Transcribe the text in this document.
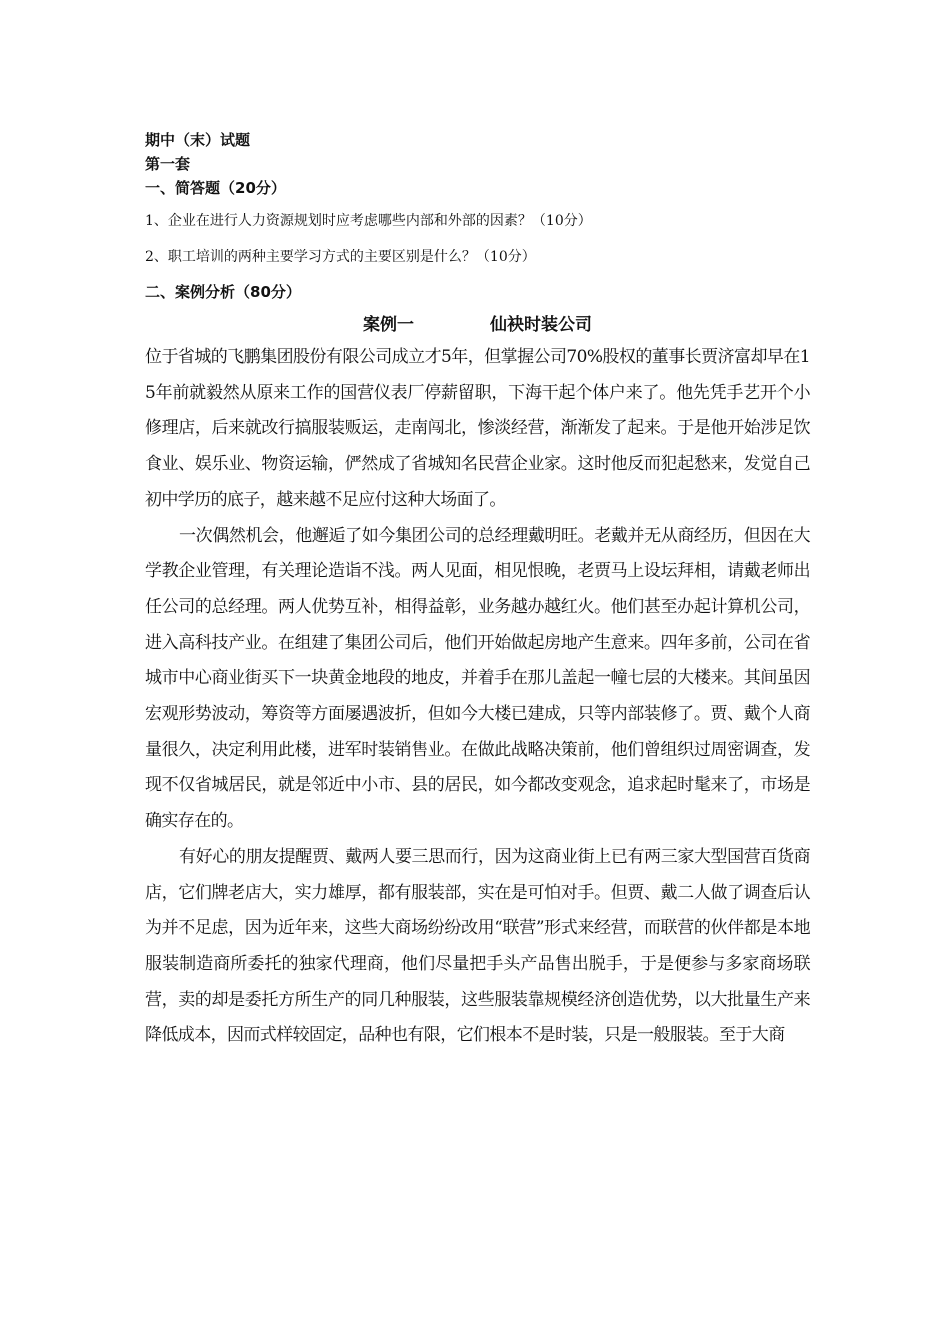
期中（末）试题

第一套

一、简答题（20分）

1、企业在进行人力资源规划时应考虑哪些内部和外部的因素？（10分）

2、职工培训的两种主要学习方式的主要区别是什么？（10分）

二、案例分析（80分）

案例一	仙袂时装公司

位于省城的飞鹏集团股份有限公司成立才5年，但掌握公司70%股权的董事长贾济富却早在15年前就毅然从原来工作的国营仪表厂停薪留职，下海干起个体户来了。他先凭手艺开个小修理店，后来就改行搞服装贩运，走南闯北，惨淡经营，渐渐发了起来。于是他开始涉足饮食业、娱乐业、物资运输，俨然成了省城知名民营企业家。这时他反而犯起愁来，发觉自己初中学历的底子，越来越不足应付这种大场面了。

一次偶然机会，他邂逅了如今集团公司的总经理戴明旺。老戴并无从商经历，但因在大学教企业管理，有关理论造诣不浅。两人见面，相见恨晚，老贾马上设坛拜相，请戴老师出任公司的总经理。两人优势互补，相得益彰，业务越办越红火。他们甚至办起计算机公司，进入高科技产业。在组建了集团公司后，他们开始做起房地产生意来。四年多前，公司在省城市中心商业街买下一块黄金地段的地皮，并着手在那儿盖起一幢七层的大楼来。其间虽因宏观形势波动，筹资等方面屡遇波折，但如今大楼已建成，只等内部装修了。贾、戴个人商量很久，决定利用此楼，进军时装销售业。在做此战略决策前，他们曾组织过周密调查，发现不仅省城居民，就是邻近中小市、县的居民，如今都改变观念，追求起时髦来了，市场是确实存在的。

有好心的朋友提醒贾、戴两人要三思而行，因为这商业街上已有两三家大型国营百货商店，它们牌老店大，实力雄厚，都有服装部，实在是可怕对手。但贾、戴二人做了调查后认为并不足虑，因为近年来，这些大商场纷纷改用“联营”形式来经营，而联营的伙伴都是本地服装制造商所委托的独家代理商，他们尽量把手头产品售出脱手，于是便参与多家商场联营，卖的却是委托方所生产的同几种服装，这些服装靠规模经济创造优势，以大批量生产来降低成本，因而式样较固定，品种也有限，它们根本不是时装，只是一般服装。至于大商
